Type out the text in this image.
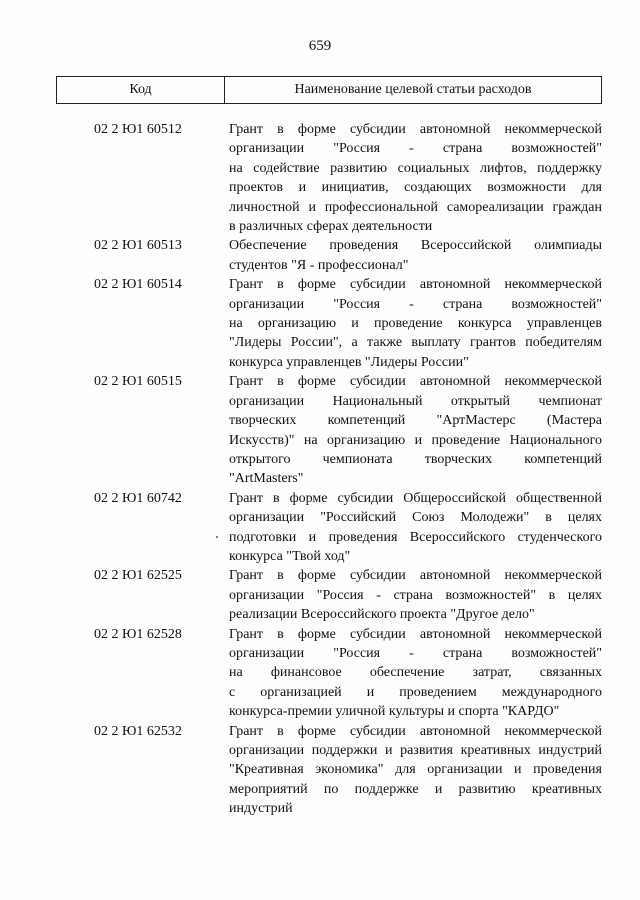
659
Код	Наименование целевой статьи расходов
02 2 Ю1 60512	Грант в форме субсидии автономной некоммерческой
организации "Россия - страна возможностей"
на содействие развитию социальных лифтов, поддержку
проектов и инициатив, создающих возможности для
личностной и профессиональной самореализации граждан
в различных сферах деятельности
02 2 Ю1 60513	Обеспечение проведения Всероссийской олимпиады
студентов "Я - профессионал"
02 2 Ю1 60514	Грант в форме субсидии автономной некоммерческой
организации "Россия - страна возможностей"
на организацию и проведение конкурса управленцев
"Лидеры России", а также выплату грантов победителям
конкурса управленцев "Лидеры России"
02 2 Ю1 60515	Грант в форме субсидии автономной некоммерческой
организации Национальный открытый чемпионат
творческих компетенций "АртМастерс (Мастера
Искусств)" на организацию и проведение Национального
открытого чемпионата творческих компетенций
"ArtMasters"
02 2 Ю1 60742	Грант в форме субсидии Общероссийской общественной
организации "Российский Союз Молодежи" в целях
подготовки и проведения Всероссийского студенческого
конкурса "Твой ход"
02 2 Ю1 62525	Грант в форме субсидии автономной некоммерческой
организации "Россия - страна возможностей" в целях
реализации Всероссийского проекта "Другое дело"
02 2 Ю1 62528	Грант в форме субсидии автономной некоммерческой
организации "Россия - страна возможностей"
на финансовое обеспечение затрат, связанных
с организацией и проведением международного
конкурса-премии уличной культуры и спорта "КАРДО"
02 2 Ю1 62532	Грант в форме субсидии автономной некоммерческой
организации поддержки и развития креативных индустрий
"Креативная экономика" для организации и проведения
мероприятий по поддержке и развитию креативных
индустрий
